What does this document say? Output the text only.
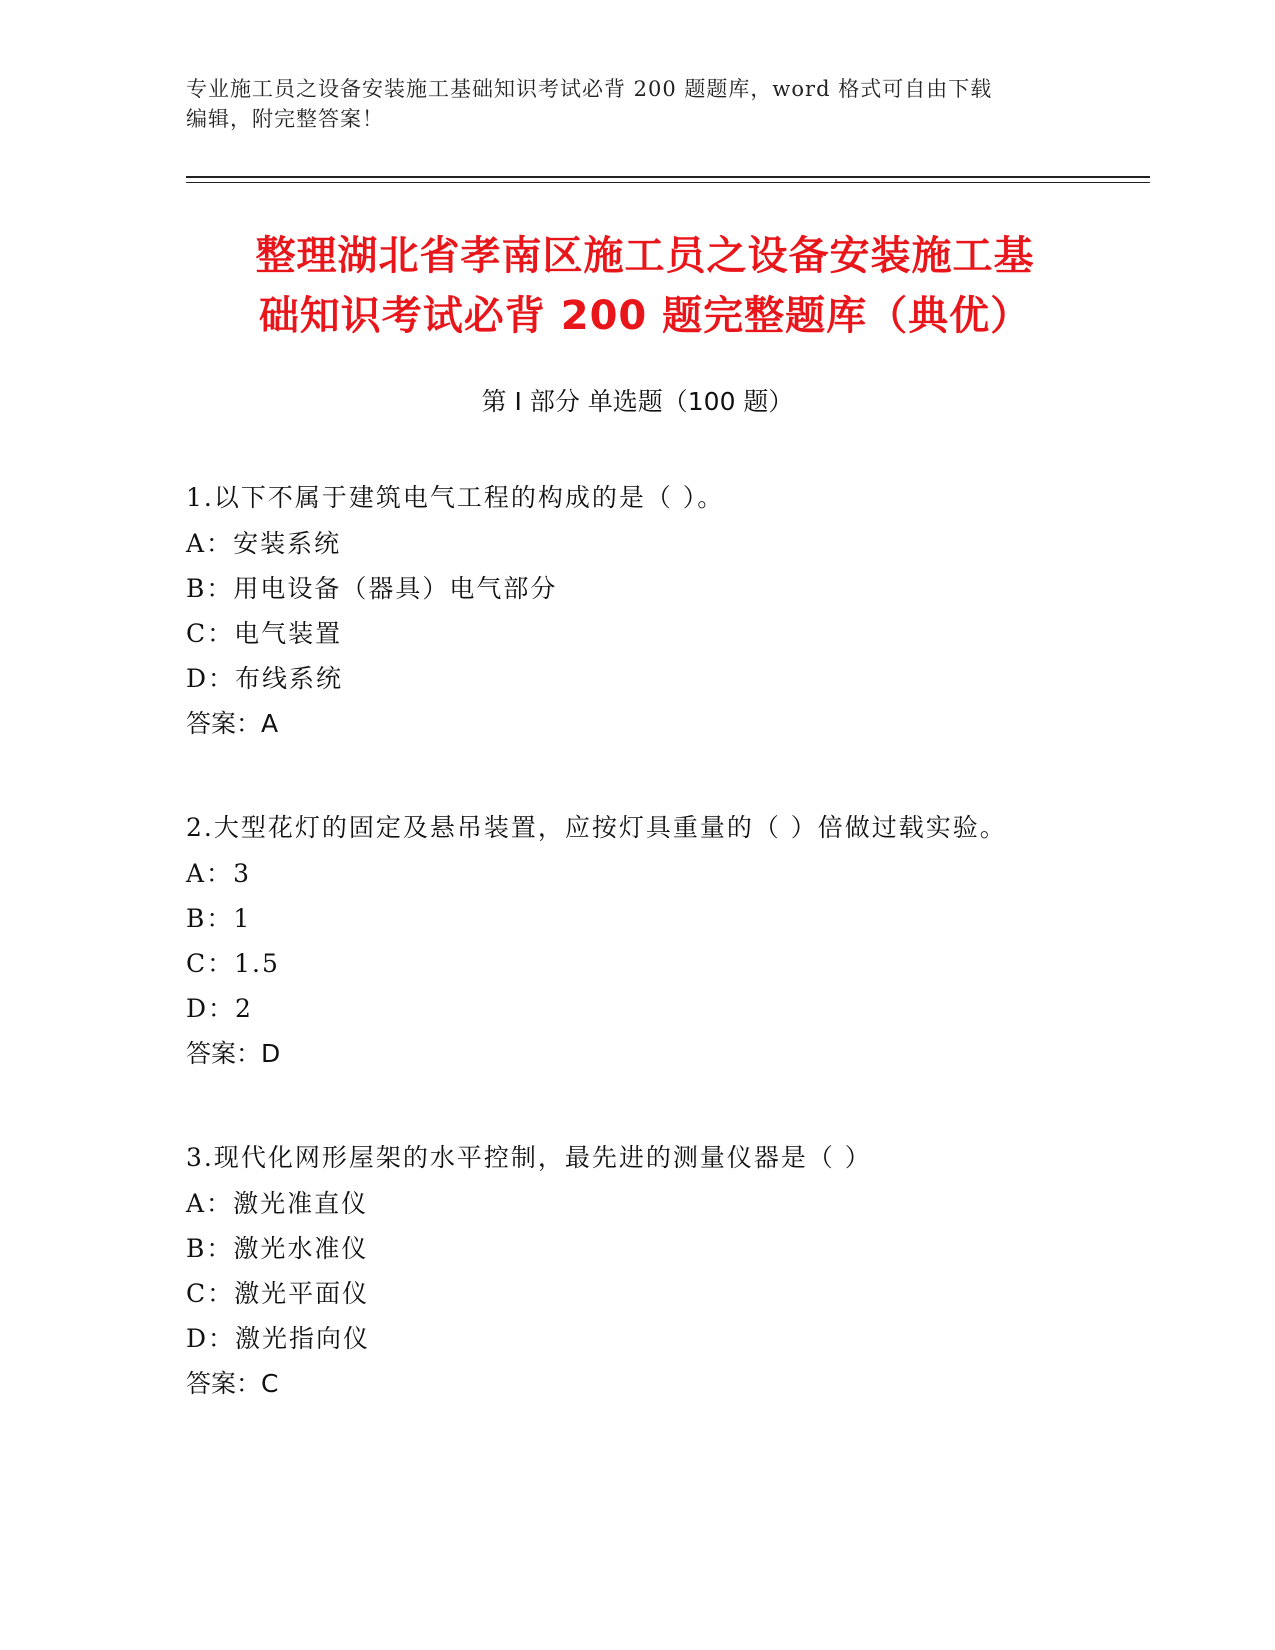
专业施工员之设备安装施工基础知识考试必背 200 题题库，word 格式可自由下载
编辑，附完整答案！
整理湖北省孝南区施工员之设备安装施工基
础知识考试必背 200 题完整题库（典优）
第 I 部分 单选题（100 题）
1.以下不属于建筑电气工程的构成的是（ ）。
A：安装系统
B：用电设备（器具）电气部分
C：电气装置
D：布线系统
答案：A
2.大型花灯的固定及悬吊装置，应按灯具重量的（ ）倍做过载实验。
A：3
B：1
C：1.5
D：2
答案：D
3.现代化网形屋架的水平控制，最先进的测量仪器是（ ）
A：激光准直仪
B：激光水准仪
C：激光平面仪
D：激光指向仪
答案：C
